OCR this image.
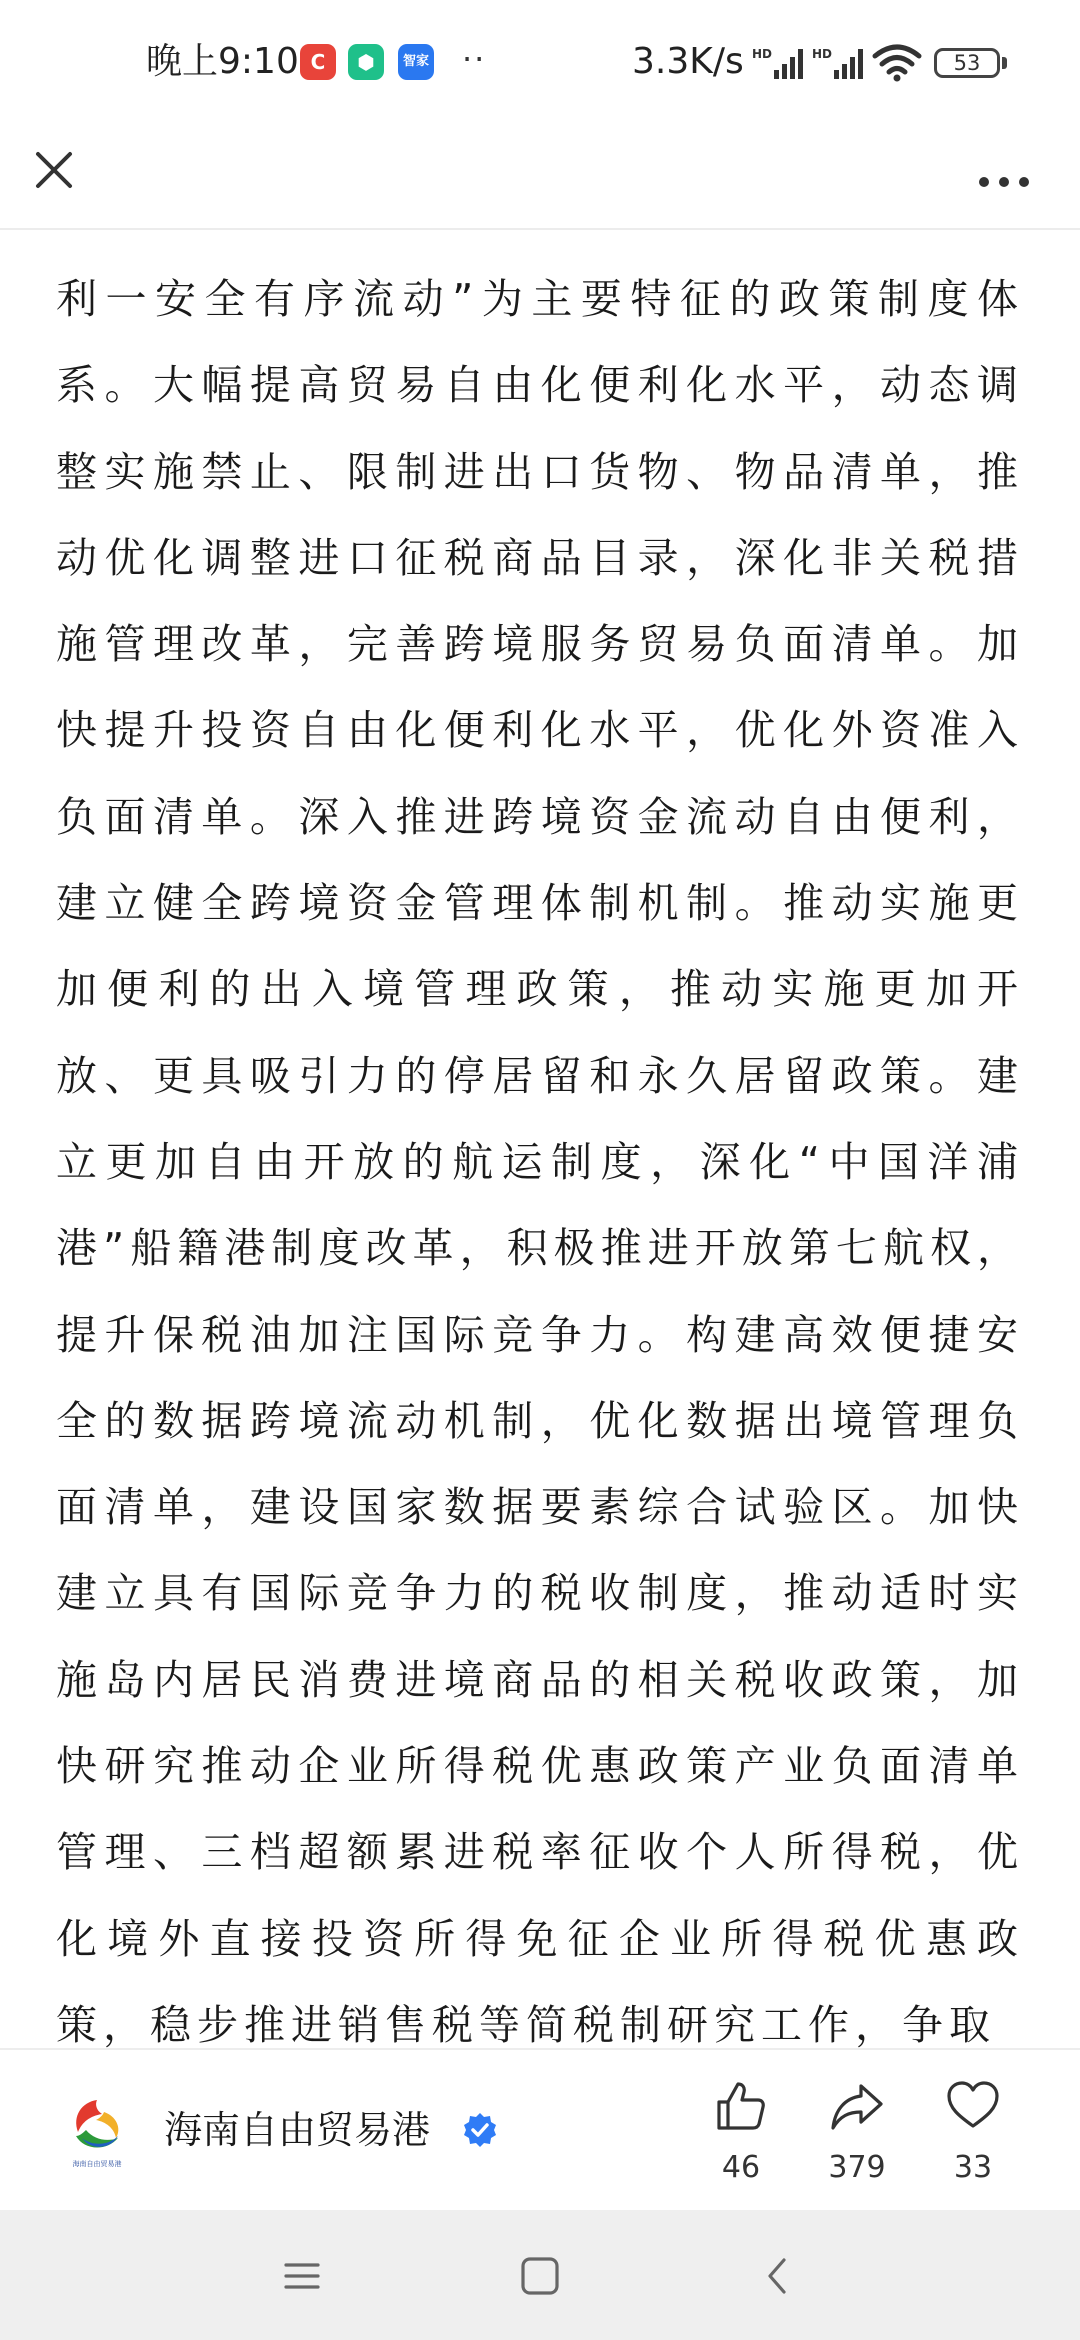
晚上9:10 C	⬢	智家 ··	3.3K/s HD	HD	53

利一安全有序流动”为主要特征的政策制度体系。大幅提高贸易自由化便利化水平，动态调整实施禁止、限制进出口货物、物品清单，推动优化调整进口征税商品目录，深化非关税措施管理改革，完善跨境服务贸易负面清单。加快提升投资自由化便利化水平，优化外资准入负面清单。深入推进跨境资金流动自由便利，建立健全跨境资金管理体制机制。推动实施更加便利的出入境管理政策，推动实施更加开放、更具吸引力的停居留和永久居留政策。建立更加自由开放的航运制度，深化“中国洋浦港”船籍港制度改革，积极推进开放第七航权，提升保税油加注国际竞争力。构建高效便捷安全的数据跨境流动机制，优化数据出境管理负面清单，建设国家数据要素综合试验区。加快建立具有国际竞争力的税收制度，推动适时实施岛内居民消费进境商品的相关税收政策，加快研究推动企业所得税优惠政策产业负面清单管理、三档超额累进税率征收个人所得税，优化境外直接投资所得免征企业所得税优惠政策，稳步推进销售税等简税制研究工作，争取

海南自由贸易港
海南自由贸易港
46	379	33
